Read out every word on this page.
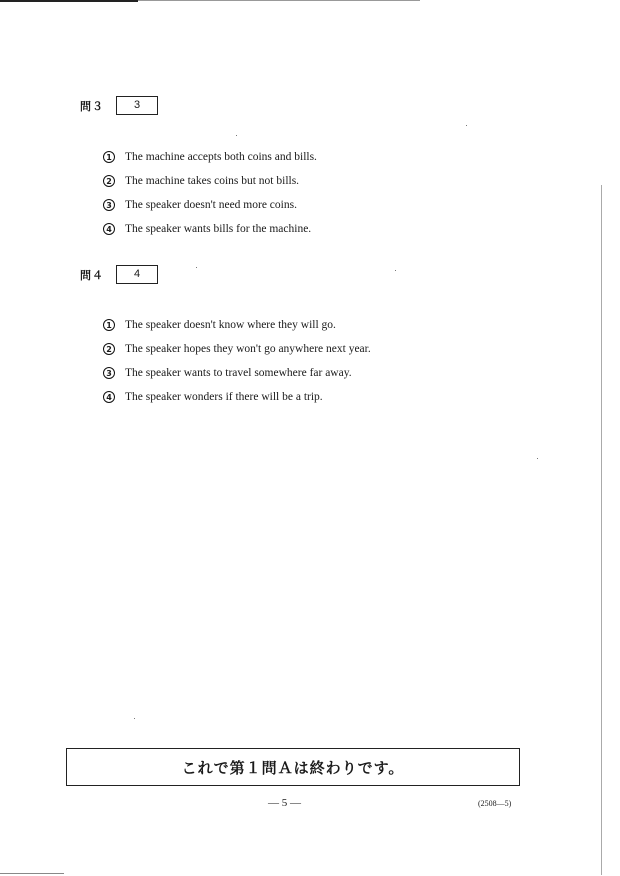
問３	3
1 The machine accepts both coins and bills.
2 The machine takes coins but not bills.
3 The speaker doesn't need more coins.
4 The speaker wants bills for the machine.
問４	4
1 The speaker doesn't know where they will go.
2 The speaker hopes they won't go anywhere next year.
3 The speaker wants to travel somewhere far away.
4 The speaker wonders if there will be a trip.
これで第１問Ａは終わりです。
― 5 ―	(2508―5)
